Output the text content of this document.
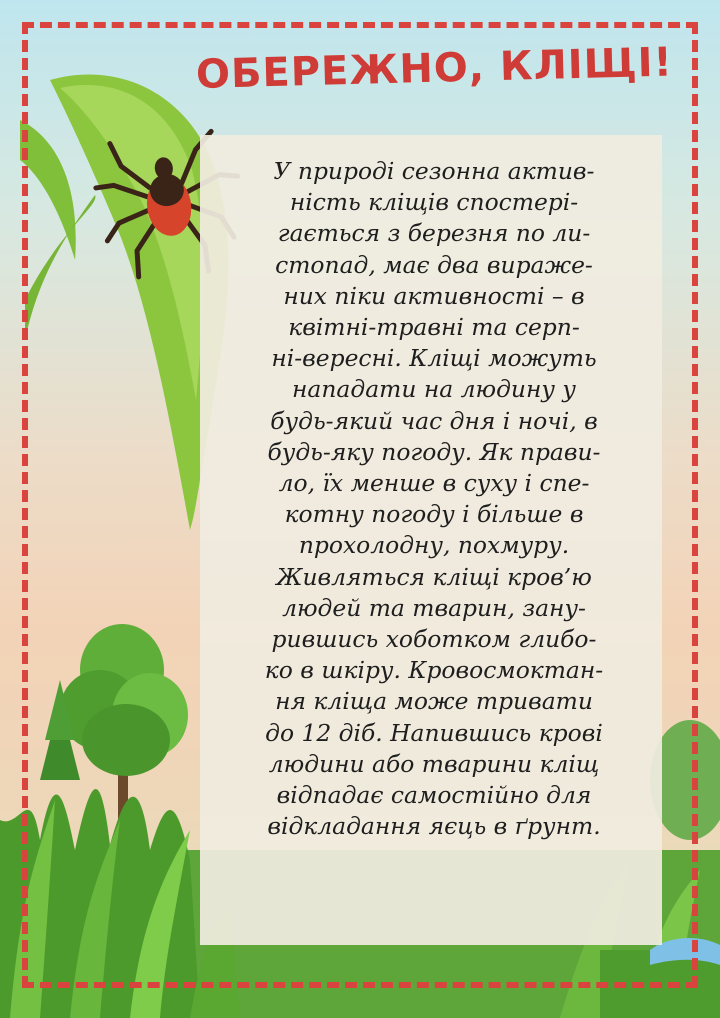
ОБЕРЕЖНО, КЛІЩІ!

У природі сезонна актив-
ність кліщів спостері-
гається з березня по ли-
стопад, має два виражe-
них піки активності – в
квітні-травні та серп-
ні-вересні. Кліщі можуть
нападати на людину у
будь-який час дня і ночі, в
будь-яку погоду. Як прави-
ло, їх менше в суху і спе-
котну погоду і більше в
прохолодну, похмуру.
Живляться кліщі кров’ю
людей та тварин, зану-
рившись хоботком глибо-
ко в шкіру. Кровосмоктан-
ня кліща може тривати
до 12 діб. Напившись крові
людини або тварини кліщ
відпадає самостійно для
відкладання яєць в ґрунт.
